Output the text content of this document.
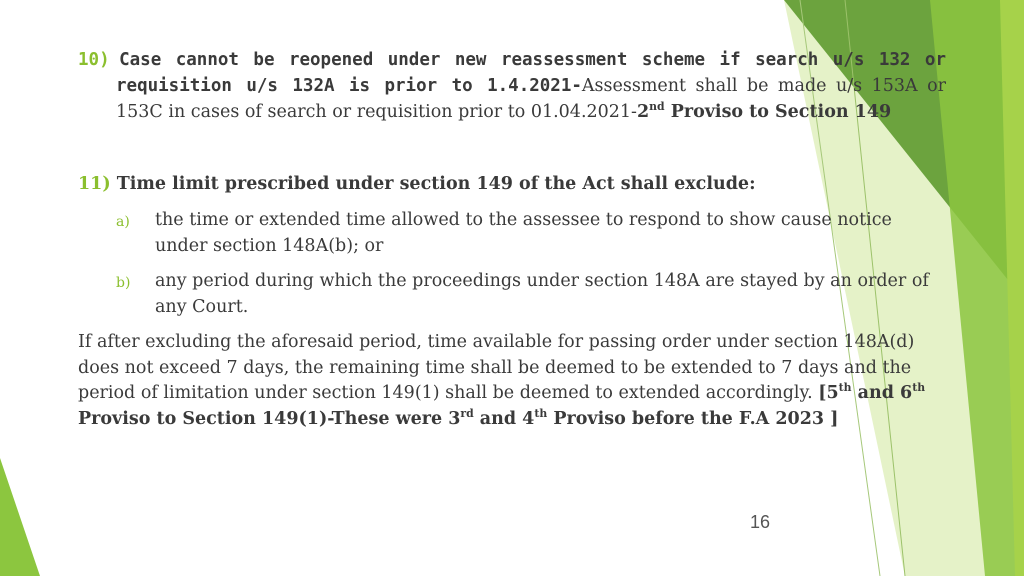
10) Case cannot be reopened under new reassessment scheme if search u/s 132 or requisition u/s 132A is prior to 1.4.2021-Assessment shall be made u/s 153A or 153C in cases of search or requisition prior to 01.04.2021-2nd Proviso to Section 149
11) Time limit prescribed under section 149 of the Act shall exclude:
a) the time or extended time allowed to the assessee to respond to show cause notice under section 148A(b); or
b) any period during which the proceedings under section 148A are stayed by an order of any Court.
If after excluding the aforesaid period, time available for passing order under section 148A(d) does not exceed 7 days, the remaining time shall be deemed to be extended to 7 days and the period of limitation under section 149(1) shall be deemed to extended accordingly. [5th and 6th Proviso to Section 149(1)-These were 3rd and 4th Proviso before the F.A 2023 ]
16
